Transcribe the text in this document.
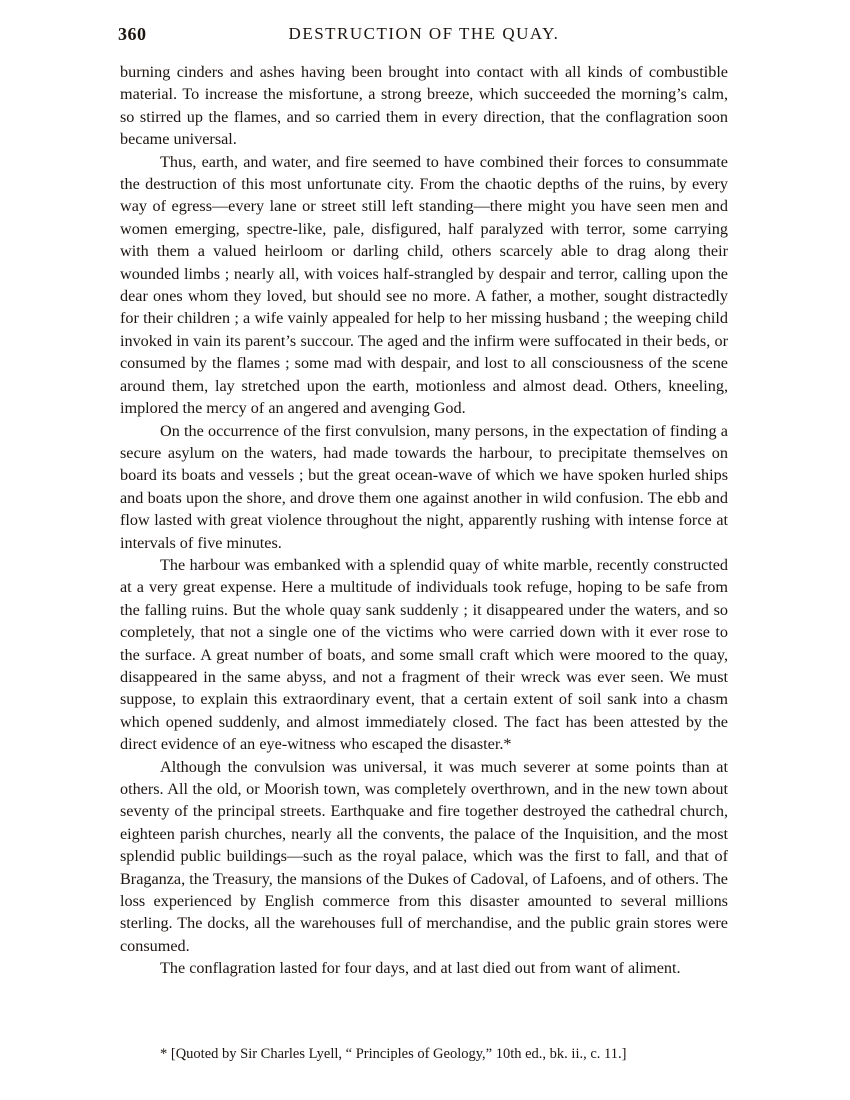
360	DESTRUCTION OF THE QUAY.

burning cinders and ashes having been brought into contact with all kinds of combustible material. To increase the misfortune, a strong breeze, which succeeded the morning’s calm, so stirred up the flames, and so carried them in every direction, that the conflagration soon became universal.

Thus, earth, and water, and fire seemed to have combined their forces to consummate the destruction of this most unfortunate city. From the chaotic depths of the ruins, by every way of egress—every lane or street still left standing—there might you have seen men and women emerging, spectre-like, pale, disfigured, half paralyzed with terror, some carrying with them a valued heirloom or darling child, others scarcely able to drag along their wounded limbs ; nearly all, with voices half-strangled by despair and terror, calling upon the dear ones whom they loved, but should see no more. A father, a mother, sought distractedly for their children ; a wife vainly appealed for help to her missing husband ; the weeping child invoked in vain its parent’s succour. The aged and the infirm were suffocated in their beds, or consumed by the flames ; some mad with despair, and lost to all consciousness of the scene around them, lay stretched upon the earth, motionless and almost dead. Others, kneeling, implored the mercy of an angered and avenging God.

On the occurrence of the first convulsion, many persons, in the expectation of finding a secure asylum on the waters, had made towards the harbour, to precipitate themselves on board its boats and vessels ; but the great ocean-wave of which we have spoken hurled ships and boats upon the shore, and drove them one against another in wild confusion. The ebb and flow lasted with great violence throughout the night, apparently rushing with intense force at intervals of five minutes.

The harbour was embanked with a splendid quay of white marble, recently constructed at a very great expense. Here a multitude of individuals took refuge, hoping to be safe from the falling ruins. But the whole quay sank suddenly ; it disappeared under the waters, and so completely, that not a single one of the victims who were carried down with it ever rose to the surface. A great number of boats, and some small craft which were moored to the quay, disappeared in the same abyss, and not a fragment of their wreck was ever seen. We must suppose, to explain this extraordinary event, that a certain extent of soil sank into a chasm which opened suddenly, and almost immediately closed. The fact has been attested by the direct evidence of an eye-witness who escaped the disaster.*

Although the convulsion was universal, it was much severer at some points than at others. All the old, or Moorish town, was completely overthrown, and in the new town about seventy of the principal streets. Earthquake and fire together destroyed the cathedral church, eighteen parish churches, nearly all the convents, the palace of the Inquisition, and the most splendid public buildings—such as the royal palace, which was the first to fall, and that of Braganza, the Treasury, the mansions of the Dukes of Cadoval, of Lafoens, and of others. The loss experienced by English commerce from this disaster amounted to several millions sterling. The docks, all the warehouses full of merchandise, and the public grain stores were consumed.

The conflagration lasted for four days, and at last died out from want of aliment.

* [Quoted by Sir Charles Lyell, “ Principles of Geology,” 10th ed., bk. ii., c. 11.]
